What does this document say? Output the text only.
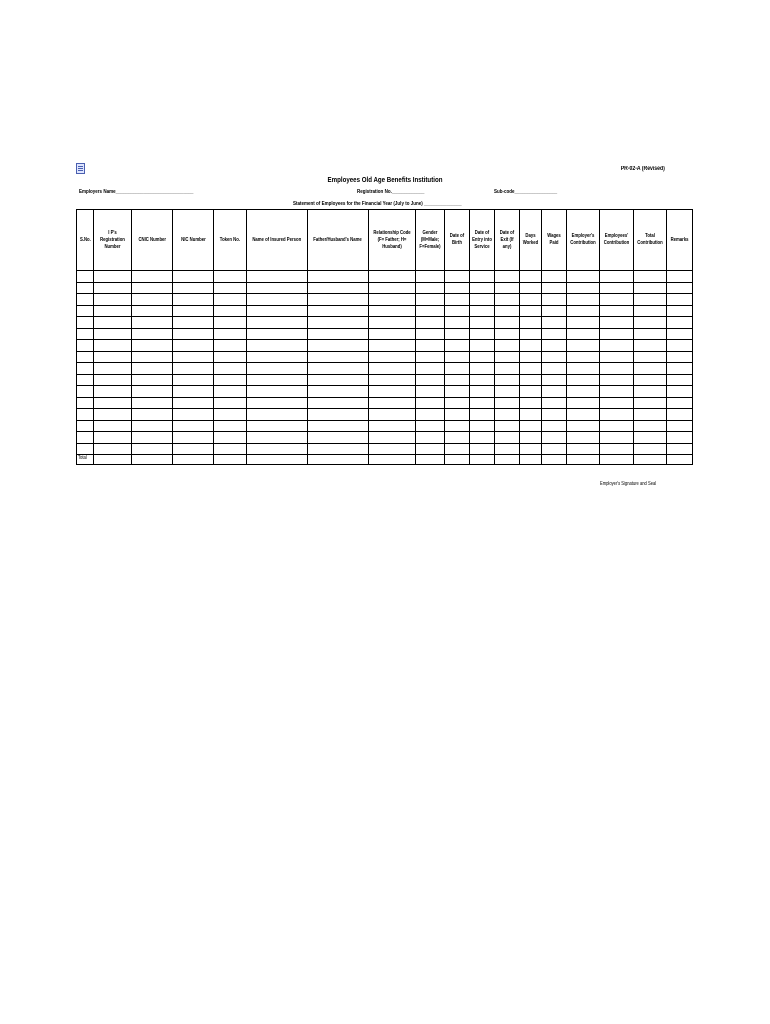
PR-02-A (Revised)
Employees Old Age Benefits Institution
Employers Name_______________________________	Registration No._____________	Sub-code_________________
Statement of Employees for the Financial Year (July to June) _______________
S.No.	I P's Registration Number	CNIC Number	NIC Number	Token No.	Name of Insured Person	Father/Husband's Name	Relationship Code (F= Father; H= Husband)	Gender (M=Male; F=Female)	Date of Birth	Date of Entry into Service	Date of Exit (If any)	Days Worked	Wages Paid	Employer's Contribution	Employees' Contribution	Total Contribution	Remarks

Total																	
Employer's Signature and Seal
